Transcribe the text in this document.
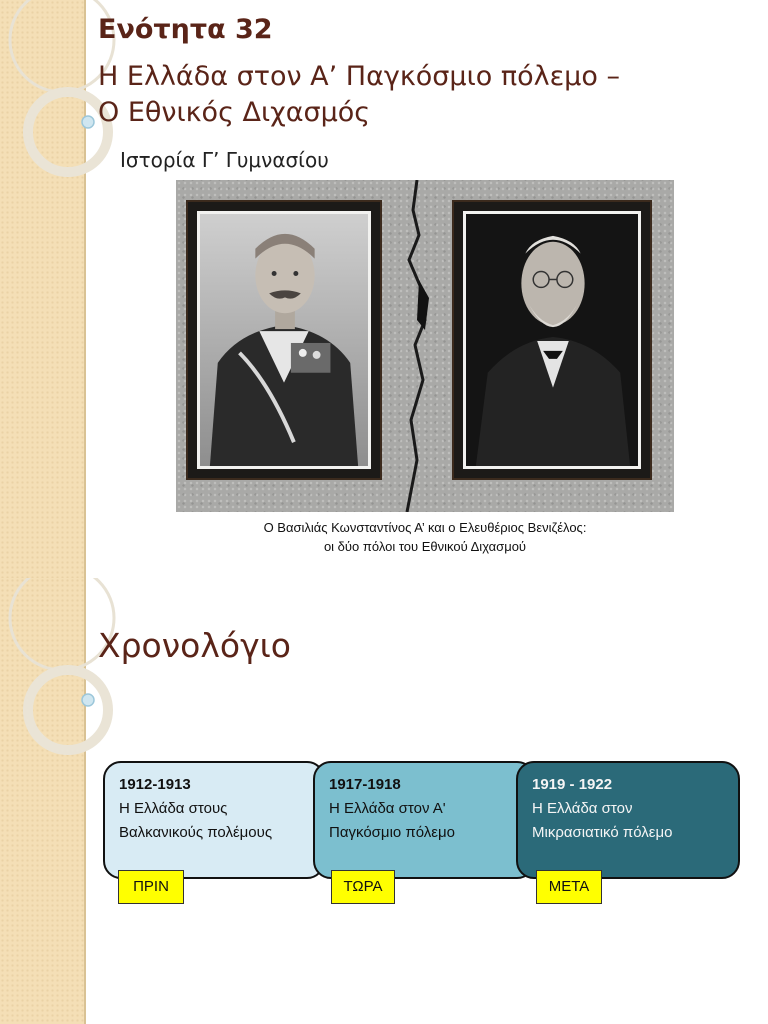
Ενότητα 32
Η Ελλάδα στον Α’ Παγκόσμιο πόλεμο –
Ο Εθνικός Διχασμός
Ιστορία Γ’ Γυμνασίου
Ο Βασιλιάς Κωνσταντίνος Α’ και ο Ελευθέριος Βενιζέλος:
οι δύο πόλοι του Εθνικού Διχασμού
Χρονολόγιο
1912-1913
Η Ελλάδα στους
Βαλκανικούς πολέμους
1917-1918
Η Ελλάδα στον Α'
Παγκόσμιο πόλεμο
1919 - 1922
Η Ελλάδα στον
Μικρασιατικό πόλεμο
ΠΡΙΝ	ΤΩΡΑ	ΜΕΤΑ
